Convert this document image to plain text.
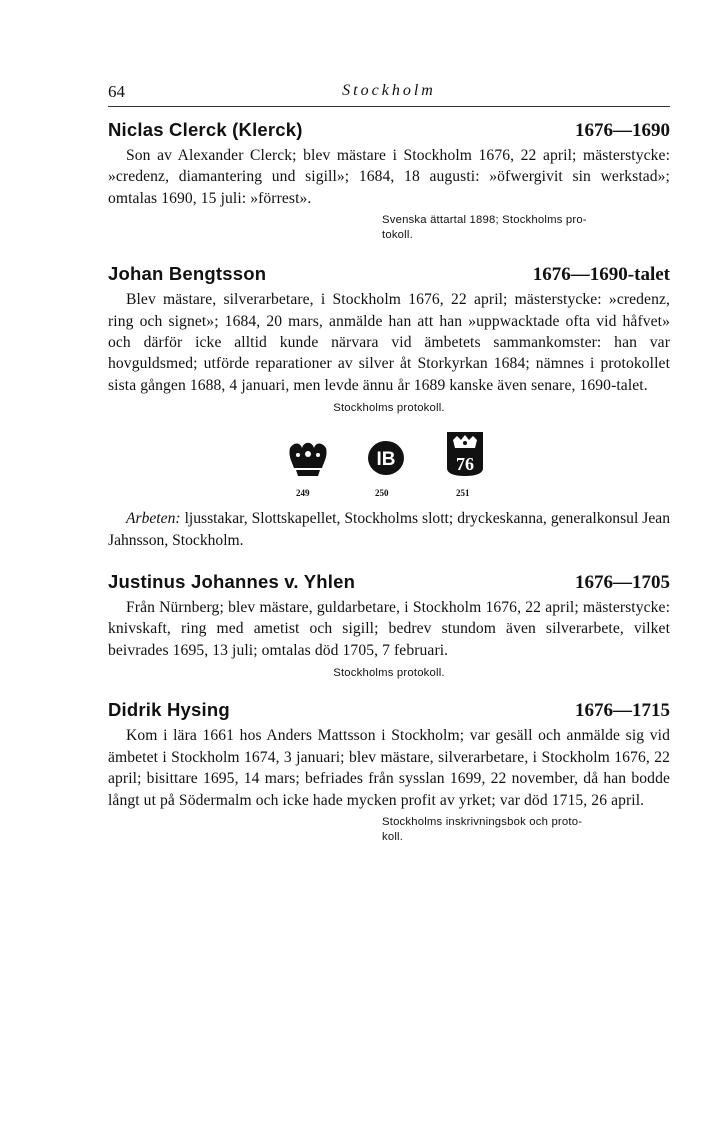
64	Stockholm
Niclas Clerck (Klerck)	1676—1690
Son av Alexander Clerck; blev mästare i Stockholm 1676, 22 april; mästerstycke: »credenz, diamantering und sigill»; 1684, 18 augusti: »öfwergivit sin werkstad»; omtalas 1690, 15 juli: »förrest».
Svenska ättartal 1898; Stockholms pro-
tokoll.
Johan Bengtsson	1676—1690-talet
Blev mästare, silverarbetare, i Stockholm 1676, 22 april; mästerstycke: »credenz, ring och signet»; 1684, 20 mars, anmälde han att han »uppwacktade ofta vid håfvet» och därför icke alltid kunde närvara vid ämbetets sammankomster: han var hovguldsmed; utförde reparationer av silver åt Storkyrkan 1684; nämnes i protokollet sista gången 1688, 4 januari, men levde ännu år 1689 kanske även senare, 1690-talet.
Stockholms protokoll.
249
IB
250
76
251
Arbeten: ljusstakar, Slottskapellet, Stockholms slott; dryckeskanna, generalkonsul Jean Jahnsson, Stockholm.
Justinus Johannes v. Yhlen	1676—1705
Från Nürnberg; blev mästare, guldarbetare, i Stockholm 1676, 22 april; mästerstycke: knivskaft, ring med ametist och sigill; bedrev stundom även silverarbete, vilket beivrades 1695, 13 juli; omtalas död 1705, 7 februari.
Stockholms protokoll.
Didrik Hysing	1676—1715
Kom i lära 1661 hos Anders Mattsson i Stockholm; var gesäll och anmälde sig vid ämbetet i Stockholm 1674, 3 januari; blev mästare, silverarbetare, i Stockholm 1676, 22 april; bisittare 1695, 14 mars; befriades från sysslan 1699, 22 november, då han bodde långt ut på Södermalm och icke hade mycken profit av yrket; var död 1715, 26 april.
Stockholms inskrivningsbok och proto-
koll.
